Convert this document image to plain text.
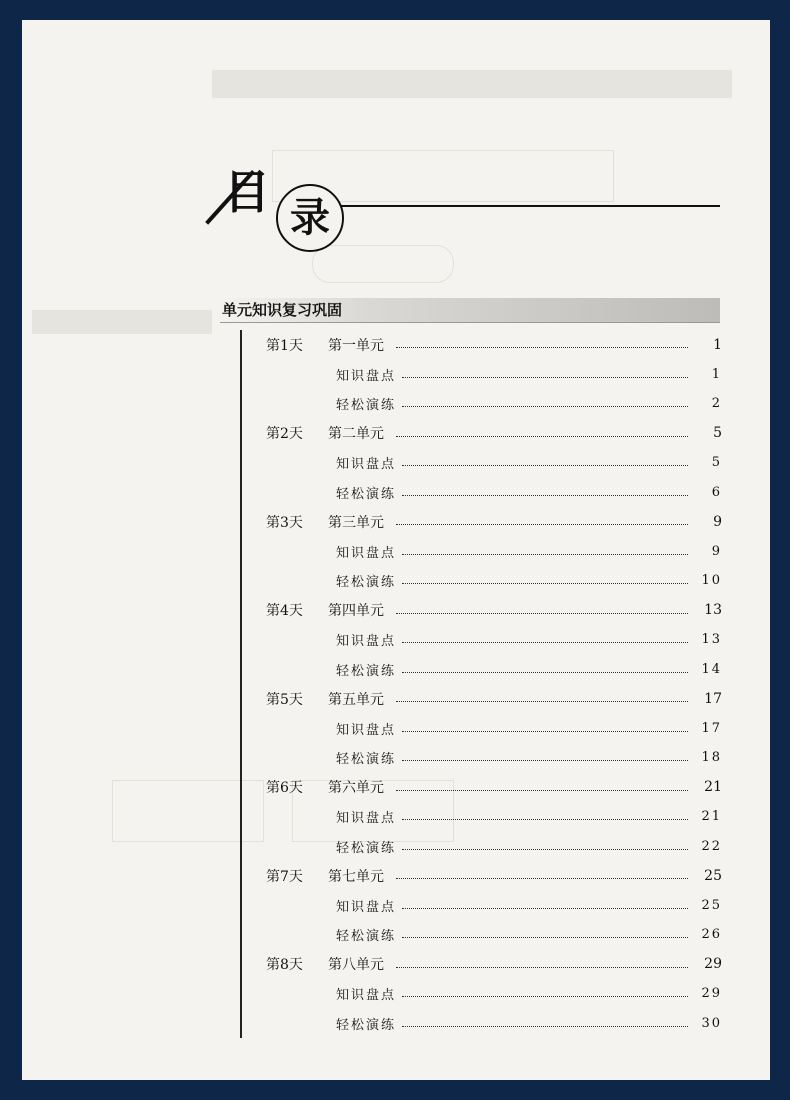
目 录
单元知识复习巩固
第1天	第一单元	1
知识盘点	1
轻松演练	2
第2天	第二单元	5
知识盘点	5
轻松演练	6
第3天	第三单元	9
知识盘点	9
轻松演练	10
第4天	第四单元	13
知识盘点	13
轻松演练	14
第5天	第五单元	17
知识盘点	17
轻松演练	18
第6天	第六单元	21
知识盘点	21
轻松演练	22
第7天	第七单元	25
知识盘点	25
轻松演练	26
第8天	第八单元	29
知识盘点	29
轻松演练	30
